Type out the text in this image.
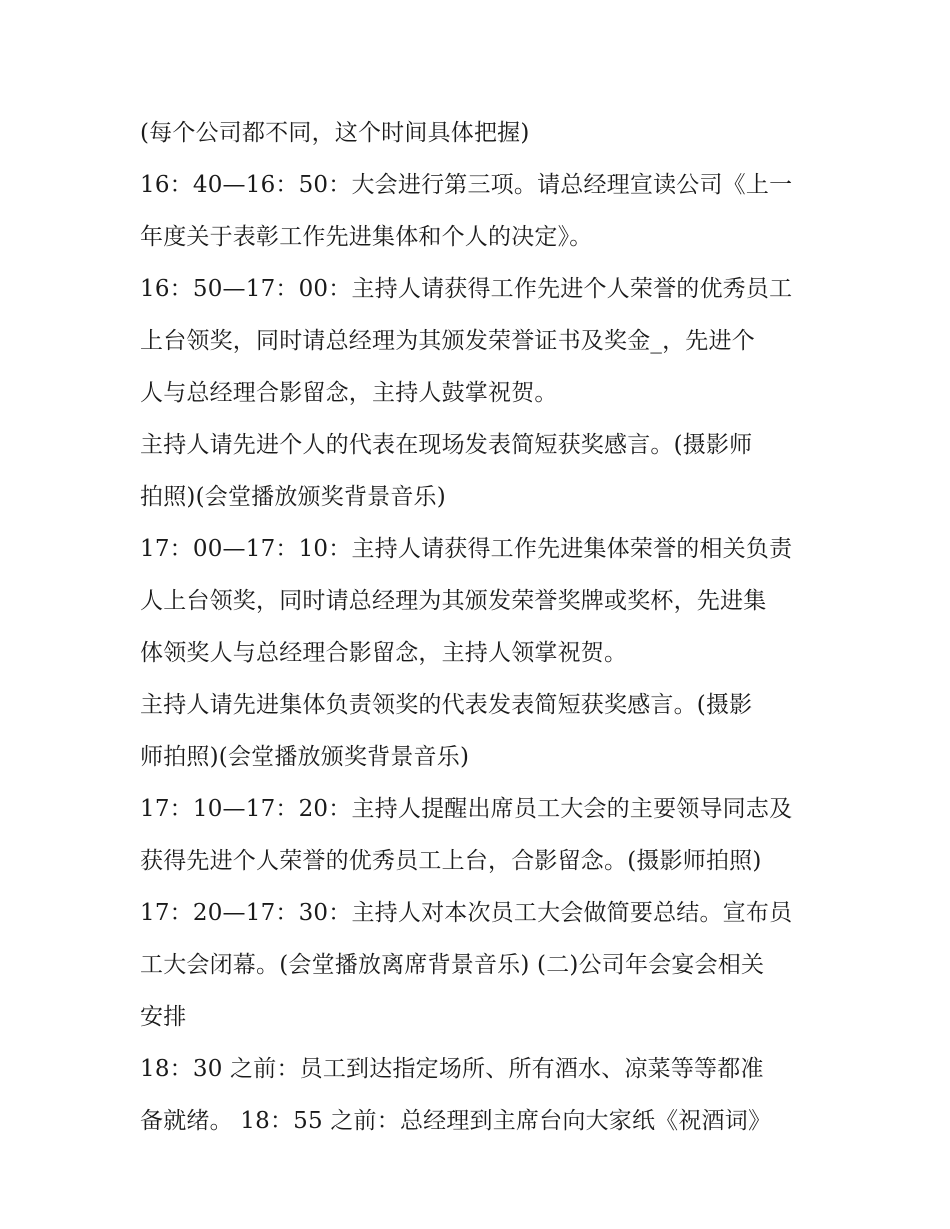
(每个公司都不同，这个时间具体把握)
16：40—16：50：大会进行第三项。请总经理宣读公司《上一
年度关于表彰工作先进集体和个人的决定》。
16：50—17：00：主持人请获得工作先进个人荣誉的优秀员工
上台领奖，同时请总经理为其颁发荣誉证书及奖金_，先进个
人与总经理合影留念，主持人鼓掌祝贺。
主持人请先进个人的代表在现场发表简短获奖感言。(摄影师
拍照)(会堂播放颁奖背景音乐)
17：00—17：10：主持人请获得工作先进集体荣誉的相关负责
人上台领奖，同时请总经理为其颁发荣誉奖牌或奖杯，先进集
体领奖人与总经理合影留念，主持人领掌祝贺。
主持人请先进集体负责领奖的代表发表简短获奖感言。(摄影
师拍照)(会堂播放颁奖背景音乐)
17：10—17：20：主持人提醒出席员工大会的主要领导同志及
获得先进个人荣誉的优秀员工上台，合影留念。(摄影师拍照)
17：20—17：30：主持人对本次员工大会做简要总结。宣布员
工大会闭幕。(会堂播放离席背景音乐) (二)公司年会宴会相关
安排
18：30 之前：员工到达指定场所、所有酒水、凉菜等等都准
备就绪。 18：55 之前：总经理到主席台向大家纸《祝酒词》
